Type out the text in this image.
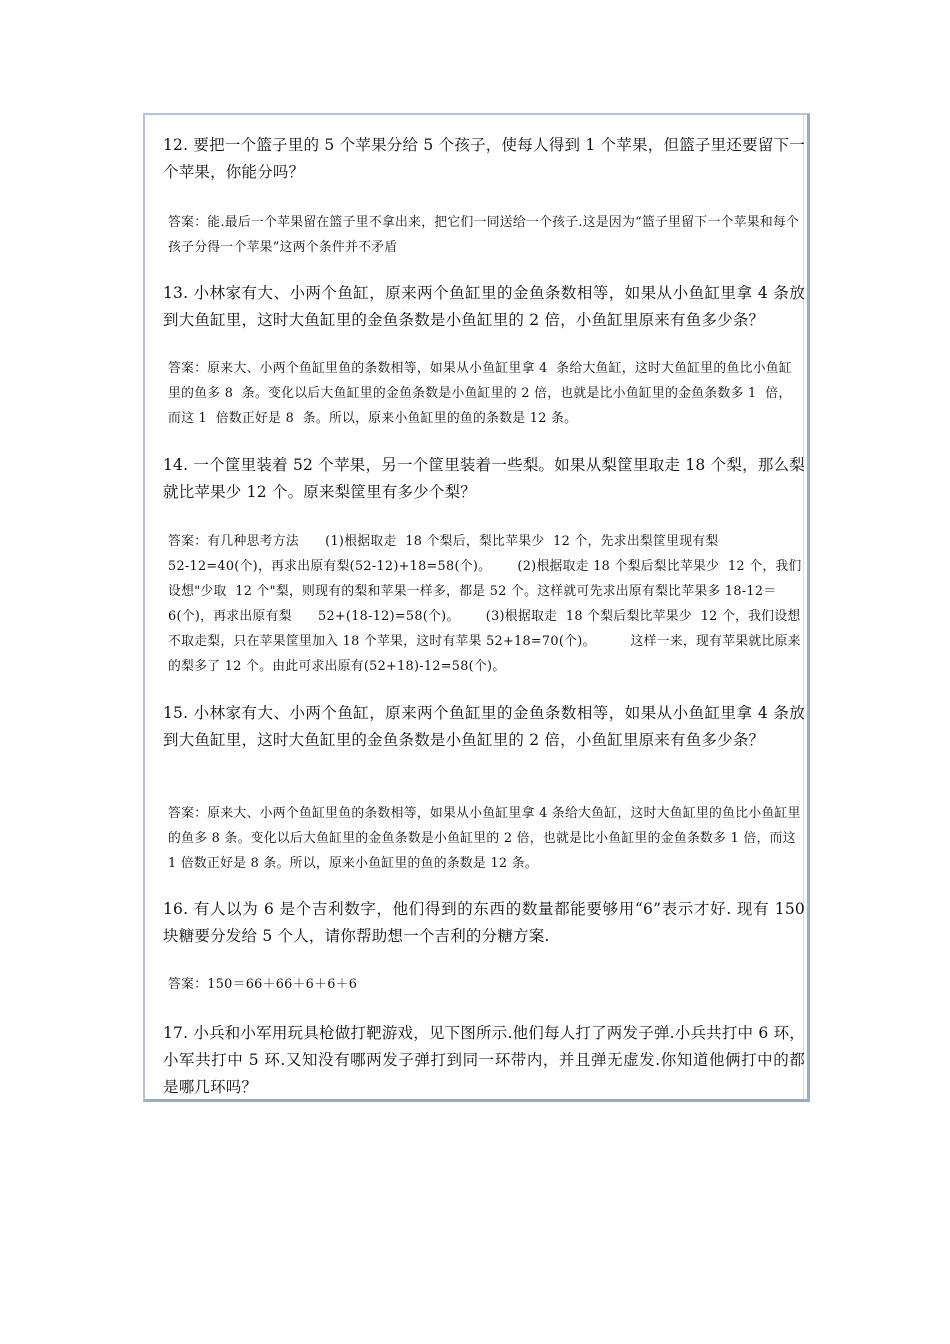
12. 要把一个篮子里的 5 个苹果分给 5 个孩子，使每人得到 1 个苹果，但篮子里还要留下一个苹果，你能分吗？

答案：能.最后一个苹果留在篮子里不拿出来，把它们一同送给一个孩子.这是因为“篮子里留下一个苹果和每个孩子分得一个苹果”这两个条件并不矛盾

13. 小林家有大、小两个鱼缸，原来两个鱼缸里的金鱼条数相等，如果从小鱼缸里拿 4 条放到大鱼缸里，这时大鱼缸里的金鱼条数是小鱼缸里的 2 倍，小鱼缸里原来有鱼多少条？

答案：原来大、小两个鱼缸里鱼的条数相等，如果从小鱼缸里拿 4  条给大鱼缸，这时大鱼缸里的鱼比小鱼缸里的鱼多 8  条。变化以后大鱼缸里的金鱼条数是小鱼缸里的 2 倍，也就是比小鱼缸里的金鱼条数多 1  倍，而这 1  倍数正好是 8  条。所以，原来小鱼缸里的鱼的条数是 12 条。

14. 一个筐里装着 52 个苹果，另一个筐里装着一些梨。如果从梨筐里取走 18 个梨，那么梨就比苹果少 12 个。原来梨筐里有多少个梨？

答案：有几种思考方法      (1)根据取走  18 个梨后，梨比苹果少  12 个，先求出梨筐里现有梨
52-12=40(个)，再求出原有梨(52-12)+18=58(个)。      (2)根据取走 18 个梨后梨比苹果少  12 个，我们设想"少取  12 个"梨，则现有的梨和苹果一样多，都是 52 个。这样就可先求出原有梨比苹果多 18-12＝6(个)，再求出原有梨      52+(18-12)=58(个)。      (3)根据取走  18 个梨后梨比苹果少  12 个，我们设想不取走梨，只在苹果筐里加入 18 个苹果，这时有苹果 52+18=70(个)。        这样一来，现有苹果就比原来的梨多了 12 个。由此可求出原有(52+18)-12=58(个)。

15. 小林家有大、小两个鱼缸，原来两个鱼缸里的金鱼条数相等，如果从小鱼缸里拿 4 条放到大鱼缸里，这时大鱼缸里的金鱼条数是小鱼缸里的 2 倍，小鱼缸里原来有鱼多少条？

答案：原来大、小两个鱼缸里鱼的条数相等，如果从小鱼缸里拿 4 条给大鱼缸，这时大鱼缸里的鱼比小鱼缸里的鱼多 8 条。变化以后大鱼缸里的金鱼条数是小鱼缸里的 2 倍，也就是比小鱼缸里的金鱼条数多 1 倍，而这 1 倍数正好是 8 条。所以，原来小鱼缸里的鱼的条数是 12 条。

16. 有人以为 6 是个吉利数字，他们得到的东西的数量都能要够用“6”表示才好. 现有 150 块糖要分发给 5 个人，请你帮助想一个吉利的分糖方案.

答案：150＝66＋66＋6＋6＋6

17. 小兵和小军用玩具枪做打靶游戏，见下图所示.他们每人打了两发子弹.小兵共打中 6 环，小军共打中 5 环.又知没有哪两发子弹打到同一环带内，并且弹无虚发.你知道他俩打中的都是哪几环吗？
